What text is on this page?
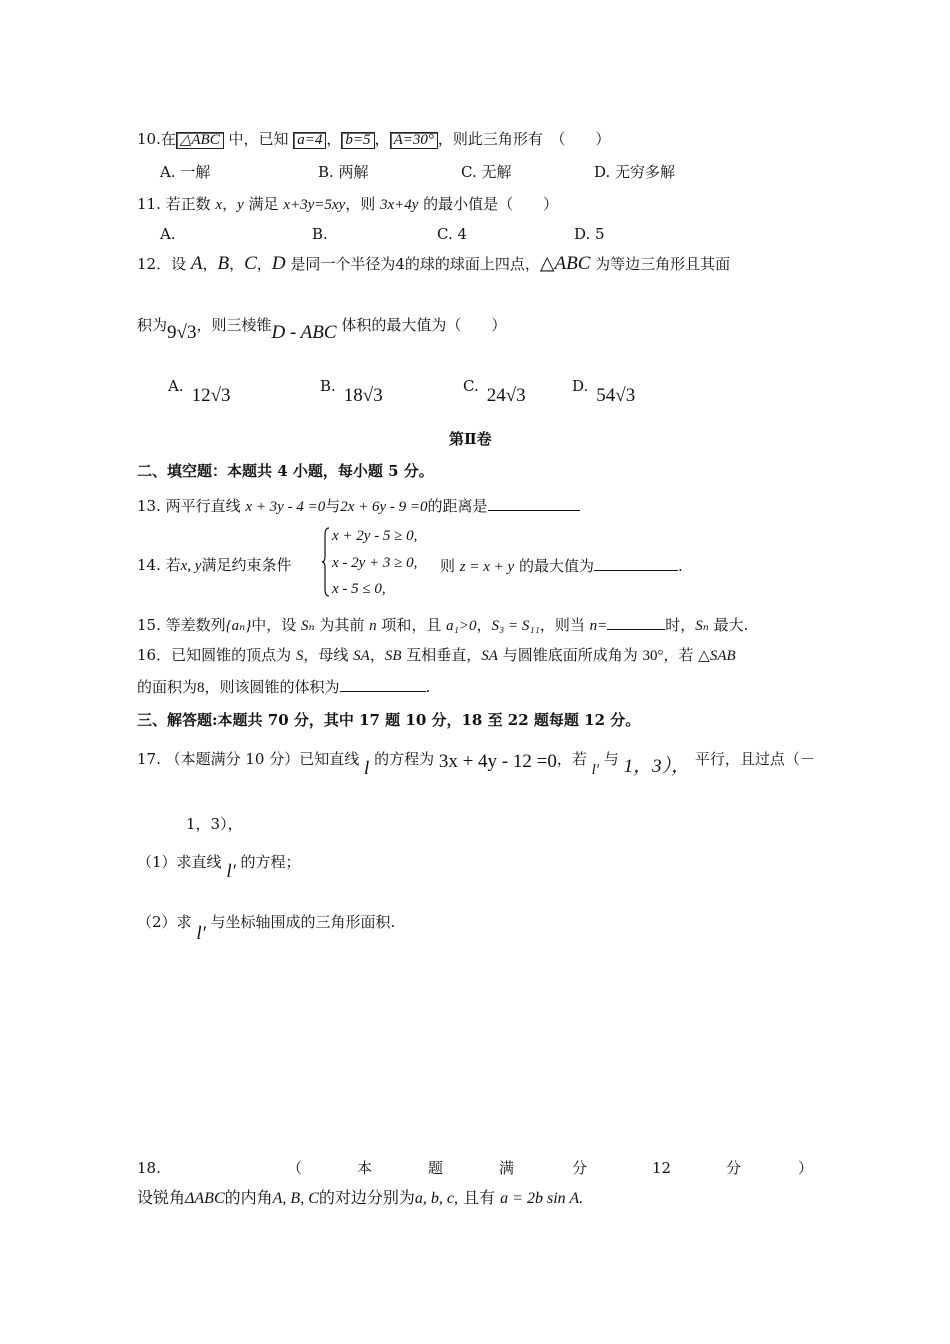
10.在 △ABC 中，已知 a=4 ， b=5 ， A=30° ，则此三角形有　（　　）
A. 一解	B. 两解	C. 无解	D. 无穷多解
11. 若正数 x，y 满足 x+3y=5xy，则 3x+4y 的最小值是（　　）
A.	B.	C. 4	D. 5
12．设 A，B，C，D 是同一个半径为4的球的球面上四点，△ABC 为等边三角形且其面
积为9√3，则三棱锥D - ABC 体积的最大值为（　　）
A. 12√3	B. 18√3	C. 24√3	D. 54√3
第Ⅱ卷
二、填空题：本题共 4 小题，每小题 5 分。
13. 两平行直线 x + 3y - 4 =0与2x + 6y - 9 =0的距离是
14. 若x, y满足约束条件
x + 2y - 5 ≥ 0,
x - 2y + 3 ≥ 0,
x - 5 ≤ 0,
则 z = x + y 的最大值为	.
15. 等差数列{aₙ}中，设 Sₙ 为其前 n 项和，且 a₁>0，S₃ = S₁₁，则当 n=	时，Sₙ 最大.
16．已知圆锥的顶点为 S，母线 SA，SB 互相垂直，SA 与圆锥底面所成角为 30°，若 △SAB
的面积为8，则该圆锥的体积为	.
三、解答题:本题共 70 分，其中 17 题 10 分，18 至 22 题每题 12 分。
17. （本题满分 10 分）已知直线 l 的方程为 3x + 4y - 12 =0，若 l′ 与 1，3）， 平行，且过点（－
1，3），
（1）求直线 l′ 的方程；
（2）求 l′ 与坐标轴围成的三角形面积.
18.	（	本	题	满	分	12	分	）
设锐角ΔABC的内角A, B, C的对边分别为a, b, c, 且有 a = 2b sin A.
